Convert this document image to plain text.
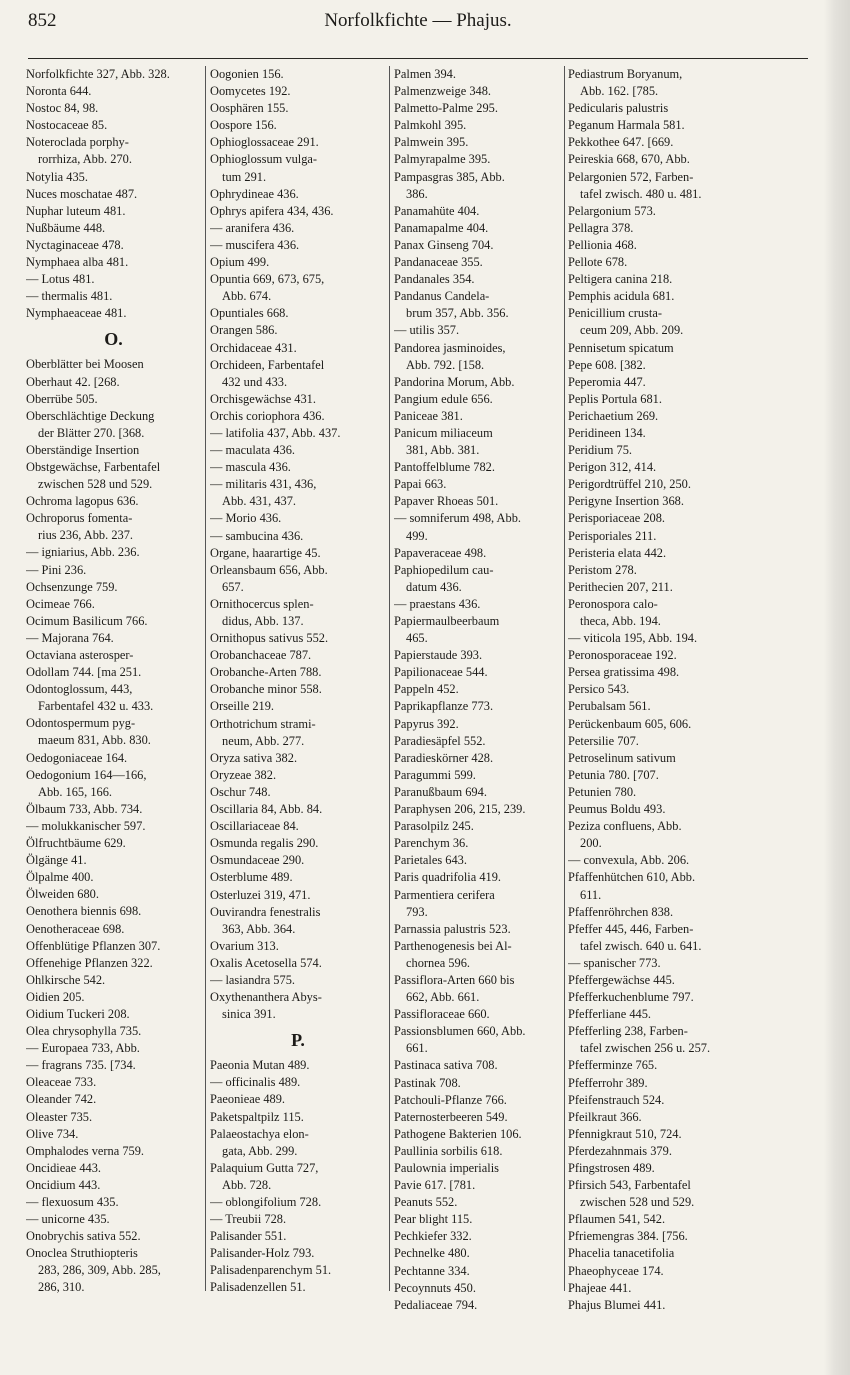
852	Norfolkfichte — Phajus.
Norfolkfichte 327, Abb. 328.
Noronta 644.
Nostoc 84, 98.
Nostocaceae 85.
Noteroclada porphy-
rorrhiza, Abb. 270.
Notylia 435.
Nuces moschatae 487.
Nuphar luteum 481.
Nußbäume 448.
Nyctaginaceae 478.
Nymphaea alba 481.
— Lotus 481.
— thermalis 481.
Nymphaeaceae 481.
O.
Oberblätter bei Moosen
Oberhaut 42. [268.
Oberrübe 505.
Oberschlächtige Deckung
der Blätter 270. [368.
Oberständige Insertion
Obstgewächse, Farbentafel
zwischen 528 und 529.
Ochroma lagopus 636.
Ochroporus fomenta-
rius 236, Abb. 237.
— igniarius, Abb. 236.
— Pini 236.
Ochsenzunge 759.
Ocimeae 766.
Ocimum Basilicum 766.
— Majorana 764.
Octaviana asterosper-
Odollam 744. [ma 251.
Odontoglossum, 443,
Farbentafel 432 u. 433.
Odontospermum pyg-
maeum 831, Abb. 830.
Oedogoniaceae 164.
Oedogonium 164—166,
Abb. 165, 166.
Ölbaum 733, Abb. 734.
— molukkanischer 597.
Ölfruchtbäume 629.
Ölgänge 41.
Ölpalme 400.
Ölweiden 680.
Oenothera biennis 698.
Oenotheraceae 698.
Offenblütige Pflanzen 307.
Offenehige Pflanzen 322.
Ohlkirsche 542.
Oidien 205.
Oidium Tuckeri 208.
Olea chrysophylla 735.
— Europaea 733, Abb.
— fragrans 735. [734.
Oleaceae 733.
Oleander 742.
Oleaster 735.
Olive 734.
Omphalodes verna 759.
Oncidieae 443.
Oncidium 443.
— flexuosum 435.
— unicorne 435.
Onobrychis sativa 552.
Onoclea Struthiopteris
283, 286, 309, Abb. 285,
286, 310.
Oogonien 156.
Oomycetes 192.
Oosphären 155.
Oospore 156.
Ophioglossaceae 291.
Ophioglossum vulga-
tum 291.
Ophrydineae 436.
Ophrys apifera 434, 436.
— aranifera 436.
— muscifera 436.
Opium 499.
Opuntia 669, 673, 675,
Abb. 674.
Opuntiales 668.
Orangen 586.
Orchidaceae 431.
Orchideen, Farbentafel
432 und 433.
Orchisgewächse 431.
Orchis coriophora 436.
— latifolia 437, Abb. 437.
— maculata 436.
— mascula 436.
— militaris 431, 436,
Abb. 431, 437.
— Morio 436.
— sambucina 436.
Organe, haarartige 45.
Orleansbaum 656, Abb.
657.
Ornithocercus splen-
didus, Abb. 137.
Ornithopus sativus 552.
Orobanchaceae 787.
Orobanche-Arten 788.
Orobanche minor 558.
Orseille 219.
Orthotrichum strami-
neum, Abb. 277.
Oryza sativa 382.
Oryzeae 382.
Oschur 748.
Oscillaria 84, Abb. 84.
Oscillariaceae 84.
Osmunda regalis 290.
Osmundaceae 290.
Osterblume 489.
Osterluzei 319, 471.
Ouvirandra fenestralis
363, Abb. 364.
Ovarium 313.
Oxalis Acetosella 574.
— lasiandra 575.
Oxythenanthera Abys-
sinica 391.
P.
Paeonia Mutan 489.
— officinalis 489.
Paeonieae 489.
Paketspaltpilz 115.
Palaeostachya elon-
gata, Abb. 299.
Palaquium Gutta 727,
Abb. 728.
— oblongifolium 728.
— Treubii 728.
Palisander 551.
Palisander-Holz 793.
Palisadenparenchym 51.
Palisadenzellen 51.
Palmen 394.
Palmenzweige 348.
Palmetto-Palme 295.
Palmkohl 395.
Palmwein 395.
Palmyrapalme 395.
Pampasgras 385, Abb.
386.
Panamahüte 404.
Panamapalme 404.
Panax Ginseng 704.
Pandanaceae 355.
Pandanales 354.
Pandanus Candela-
brum 357, Abb. 356.
— utilis 357.
Pandorea jasminoides,
Abb. 792. [158.
Pandorina Morum, Abb.
Pangium edule 656.
Paniceae 381.
Panicum miliaceum
381, Abb. 381.
Pantoffelblume 782.
Papai 663.
Papaver Rhoeas 501.
— somniferum 498, Abb.
499.
Papaveraceae 498.
Paphiopedilum cau-
datum 436.
— praestans 436.
Papiermaulbeerbaum
465.
Papierstaude 393.
Papilionaceae 544.
Pappeln 452.
Paprikapflanze 773.
Papyrus 392.
Paradiesäpfel 552.
Paradieskörner 428.
Paragummi 599.
Paranußbaum 694.
Paraphysen 206, 215, 239.
Parasolpilz 245.
Parenchym 36.
Parietales 643.
Paris quadrifolia 419.
Parmentiera cerifera
793.
Parnassia palustris 523.
Parthenogenesis bei Al-
chornea 596.
Passiflora-Arten 660 bis
662, Abb. 661.
Passifloraceae 660.
Passionsblumen 660, Abb.
661.
Pastinaca sativa 708.
Pastinak 708.
Patchouli-Pflanze 766.
Paternosterbeeren 549.
Pathogene Bakterien 106.
Paullinia sorbilis 618.
Paulownia imperialis
Pavie 617. [781.
Peanuts 552.
Pear blight 115.
Pechkiefer 332.
Pechnelke 480.
Pechtanne 334.
Pecoynnuts 450.
Pedaliaceae 794.
Pediastrum Boryanum,
Abb. 162. [785.
Pedicularis palustris
Peganum Harmala 581.
Pekkothee 647. [669.
Peireskia 668, 670, Abb.
Pelargonien 572, Farben-
tafel zwisch. 480 u. 481.
Pelargonium 573.
Pellagra 378.
Pellionia 468.
Pellote 678.
Peltigera canina 218.
Pemphis acidula 681.
Penicillium crusta-
ceum 209, Abb. 209.
Pennisetum spicatum
Pepe 608. [382.
Peperomia 447.
Peplis Portula 681.
Perichaetium 269.
Peridineen 134.
Peridium 75.
Perigon 312, 414.
Perigordtrüffel 210, 250.
Perigyne Insertion 368.
Perisporiaceae 208.
Perisporiales 211.
Peristeria elata 442.
Peristom 278.
Perithecien 207, 211.
Peronospora calo-
theca, Abb. 194.
— viticola 195, Abb. 194.
Peronosporaceae 192.
Persea gratissima 498.
Persico 543.
Perubalsam 561.
Perückenbaum 605, 606.
Petersilie 707.
Petroselinum sativum
Petunia 780. [707.
Petunien 780.
Peumus Boldu 493.
Peziza confluens, Abb.
200.
— convexula, Abb. 206.
Pfaffenhütchen 610, Abb.
611.
Pfaffenröhrchen 838.
Pfeffer 445, 446, Farben-
tafel zwisch. 640 u. 641.
— spanischer 773.
Pfeffergewächse 445.
Pfefferkuchenblume 797.
Pfefferliane 445.
Pfefferling 238, Farben-
tafel zwischen 256 u. 257.
Pfefferminze 765.
Pfefferrohr 389.
Pfeifenstrauch 524.
Pfeilkraut 366.
Pfennigkraut 510, 724.
Pferdezahnmais 379.
Pfingstrosen 489.
Pfirsich 543, Farbentafel
zwischen 528 und 529.
Pflaumen 541, 542.
Pfriemengras 384. [756.
Phacelia tanacetifolia
Phaeophyceae 174.
Phajeae 441.
Phajus Blumei 441.
